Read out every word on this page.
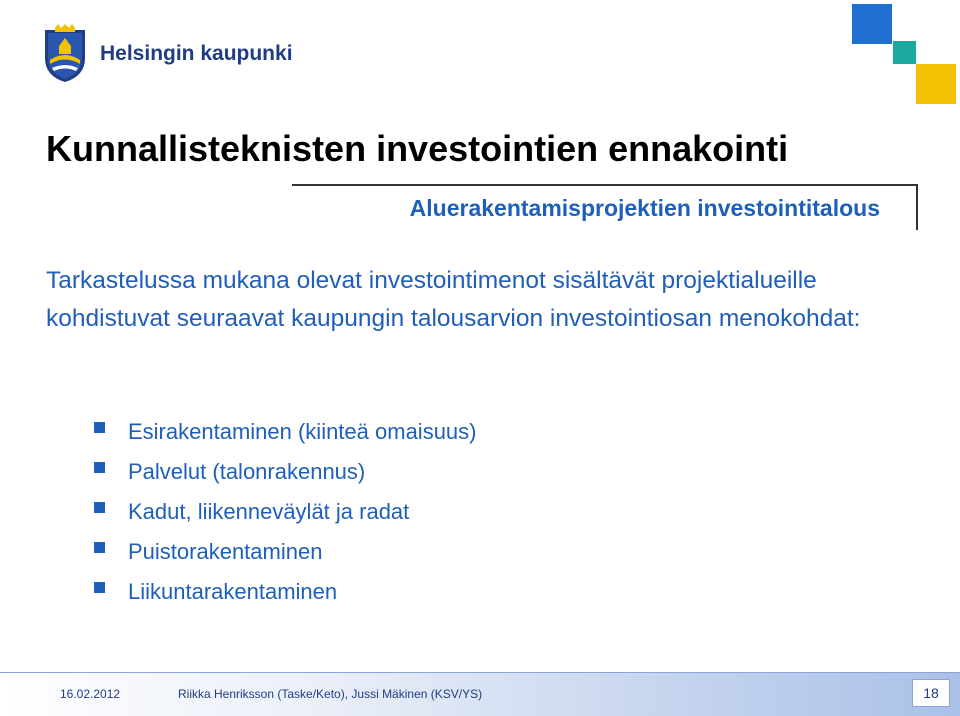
Helsingin kaupunki
Kunnallisteknisten investointien ennakointi
Aluerakentamisprojektien investointitalous
Tarkastelussa mukana olevat investointimenot sisältävät projektialueille kohdistuvat seuraavat kaupungin talousarvion investointiosan menokohdat:
Esirakentaminen (kiinteä omaisuus)
Palvelut (talonrakennus)
Kadut, liikenneväylät ja radat
Puistorakentaminen
Liikuntarakentaminen
16.02.2012	Riikka Henriksson (Taske/Keto), Jussi Mäkinen (KSV/YS)	18
